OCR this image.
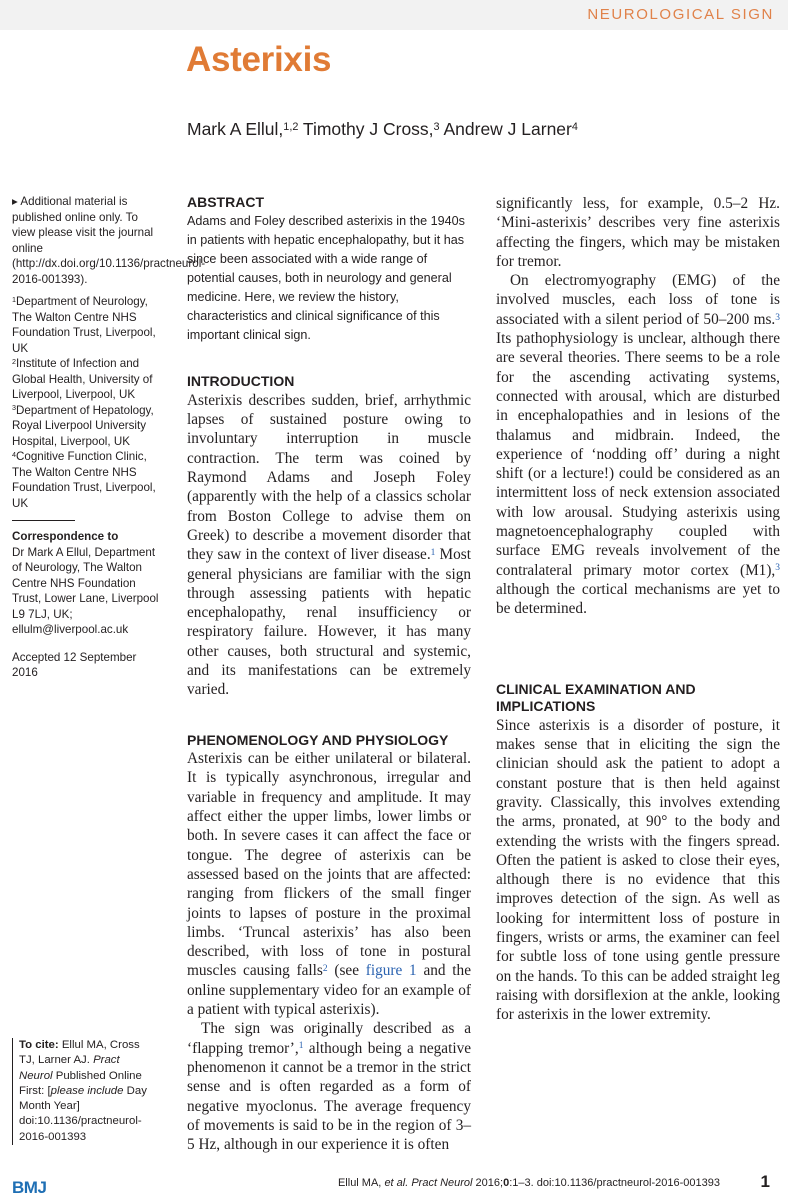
NEUROLOGICAL SIGN
Asterixis
Mark A Ellul,$^{1,2}$ Timothy J Cross,$^3$ Andrew J Larner$^4$

▸ Additional material is published online only. To view please visit the journal online (http://dx.doi.org/10.1136/practneurol-2016-001393).

$^1$Department of Neurology, The Walton Centre NHS Foundation Trust, Liverpool, UK

$^2$Institute of Infection and Global Health, University of Liverpool, Liverpool, UK

$^3$Department of Hepatology, Royal Liverpool University Hospital, Liverpool, UK

$^4$Cognitive Function Clinic, The Walton Centre NHS Foundation Trust, Liverpool, UK

Correspondence to

Dr Mark A Ellul, Department of Neurology, The Walton Centre NHS Foundation Trust, Lower Lane, Liverpool L9 7LJ, UK; ellulm@liverpool.ac.uk

Accepted 12 September 2016

To cite: Ellul MA, Cross TJ, Larner AJ. Pract Neurol Published Online First: [please include Day Month Year] doi:10.1136/practneurol-2016-001393
ABSTRACT

Adams and Foley described asterixis in the 1940s in patients with hepatic encephalopathy, but it has since been associated with a wide range of potential causes, both in neurology and general medicine. Here, we review the history, characteristics and clinical significance of this important clinical sign.

INTRODUCTION

Asterixis describes sudden, brief, arrhythmic lapses of sustained posture owing to involuntary interruption in muscle contraction. The term was coined by Raymond Adams and Joseph Foley (apparently with the help of a classics scholar from Boston College to advise them on Greek) to describe a movement disorder that they saw in the context of liver disease.$^1$ Most general physicians are familiar with the sign through assessing patients with hepatic encephalopathy, renal insufficiency or respiratory failure. However, it has many other causes, both structural and systemic, and its manifestations can be extremely varied.

PHENOMENOLOGY AND PHYSIOLOGY

Asterixis can be either unilateral or bilateral. It is typically asynchronous, irregular and variable in frequency and amplitude. It may affect either the upper limbs, lower limbs or both. In severe cases it can affect the face or tongue. The degree of asterixis can be assessed based on the joints that are affected: ranging from flickers of the small finger joints to lapses of posture in the proximal limbs. ‘Truncal asterixis’ has also been described, with loss of tone in postural muscles causing falls$^2$ (see figure 1 and the online supplementary video for an example of a patient with typical asterixis).

The sign was originally described as a ‘flapping tremor’,$^1$ although being a negative phenomenon it cannot be a tremor in the strict sense and is often regarded as a form of negative myoclonus. The average frequency of movements is said to be in the region of 3–5 Hz, although in our experience it is often

significantly less, for example, 0.5–2 Hz. ‘Mini-asterixis’ describes very fine asterixis affecting the fingers, which may be mistaken for tremor.

On electromyography (EMG) of the involved muscles, each loss of tone is associated with a silent period of 50–200 ms.$^3$ Its pathophysiology is unclear, although there are several theories. There seems to be a role for the ascending activating systems, connected with arousal, which are disturbed in encephalopathies and in lesions of the thalamus and midbrain. Indeed, the experience of ‘nodding off’ during a night shift (or a lecture!) could be considered as an intermittent loss of neck extension associated with low arousal. Studying asterixis using magnetoencephalography coupled with surface EMG reveals involvement of the contralateral primary motor cortex (M1),$^3$ although the cortical mechanisms are yet to be determined.

CLINICAL EXAMINATION AND IMPLICATIONS

Since asterixis is a disorder of posture, it makes sense that in eliciting the sign the clinician should ask the patient to adopt a constant posture that is then held against gravity. Classically, this involves extending the arms, pronated, at 90° to the body and extending the wrists with the fingers spread. Often the patient is asked to close their eyes, although there is no evidence that this improves detection of the sign. As well as looking for intermittent loss of posture in fingers, wrists or arms, the examiner can feel for subtle loss of tone using gentle pressure on the hands. To this can be added straight leg raising with dorsiflexion at the ankle, looking for asterixis in the lower extremity.

BMJ	Ellul MA, et al. Pract Neurol 2016;0:1–3. doi:10.1136/practneurol-2016-001393 1
